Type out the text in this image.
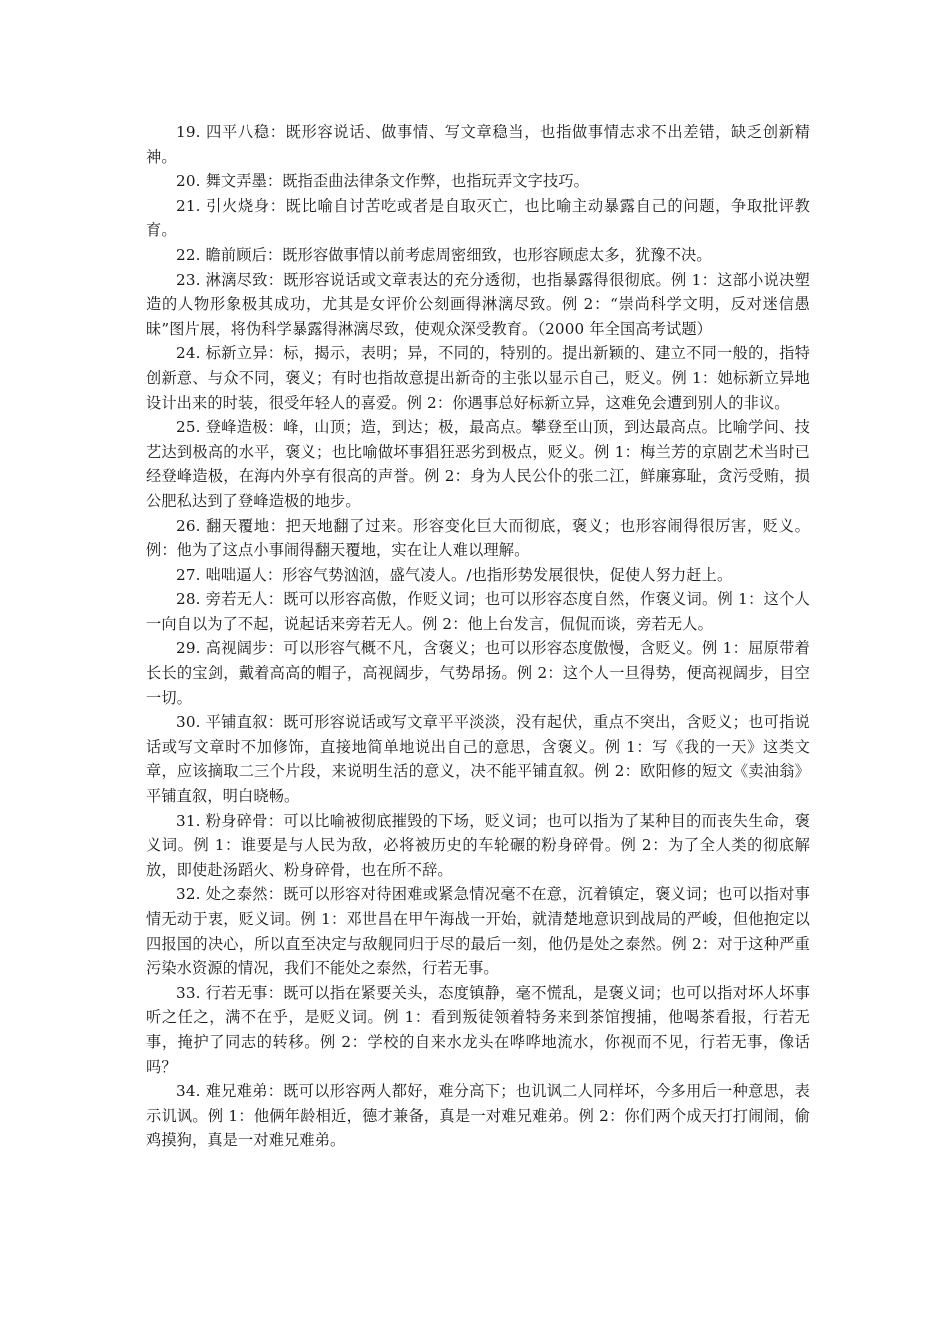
19. 四平八稳：既形容说话、做事情、写文章稳当，也指做事情志求不出差错，缺乏创新精神。

20. 舞文弄墨：既指歪曲法律条文作弊，也指玩弄文字技巧。

21. 引火烧身：既比喻自讨苦吃或者是自取灭亡，也比喻主动暴露自己的问题，争取批评教育。

22. 瞻前顾后：既形容做事情以前考虑周密细致，也形容顾虑太多，犹豫不决。

23. 淋漓尽致：既形容说话或文章表达的充分透彻，也指暴露得很彻底。例 1：这部小说决塑造的人物形象极其成功，尤其是女评价公刻画得淋漓尽致。例 2：“崇尚科学文明，反对迷信愚昧”图片展，将伪科学暴露得淋漓尽致，使观众深受教育。（2000 年全国高考试题）

24. 标新立异：标，揭示，表明；异，不同的，特别的。提出新颖的、建立不同一般的，指特创新意、与众不同，褒义；有时也指故意提出新奇的主张以显示自己，贬义。例 1：她标新立异地设计出来的时装，很受年轻人的喜爱。例 2：你遇事总好标新立异，这难免会遭到别人的非议。

25. 登峰造极：峰，山顶；造，到达；极，最高点。攀登至山顶，到达最高点。比喻学问、技艺达到极高的水平，褒义；也比喻做坏事猖狂恶劣到极点，贬义。例 1：梅兰芳的京剧艺术当时已经登峰造极，在海内外享有很高的声誉。例 2：身为人民公仆的张二江，鲜廉寡耻，贪污受贿，损公肥私达到了登峰造极的地步。

26. 翻天覆地：把天地翻了过来。形容变化巨大而彻底，褒义；也形容闹得很厉害，贬义。例：他为了这点小事闹得翻天覆地，实在让人难以理解。

27. 咄咄逼人：形容气势汹汹，盛气凌人。/也指形势发展很快，促使人努力赶上。

28. 旁若无人：既可以形容高傲，作贬义词；也可以形容态度自然，作褒义词。例 1：这个人一向自以为了不起，说起话来旁若无人。例 2：他上台发言，侃侃而谈，旁若无人。

29. 高视阔步：可以形容气概不凡，含褒义；也可以形容态度傲慢，含贬义。例 1：屈原带着长长的宝剑，戴着高高的帽子，高视阔步，气势昂扬。例 2：这个人一旦得势，便高视阔步，目空一切。

30. 平铺直叙：既可形容说话或写文章平平淡淡，没有起伏，重点不突出，含贬义；也可指说话或写文章时不加修饰，直接地简单地说出自己的意思，含褒义。例 1：写《我的一天》这类文章，应该摘取二三个片段，来说明生活的意义，决不能平铺直叙。例 2：欧阳修的短文《卖油翁》平铺直叙，明白晓畅。

31. 粉身碎骨：可以比喻被彻底摧毁的下场，贬义词；也可以指为了某种目的而丧失生命，褒义词。例 1：谁要是与人民为敌，必将被历史的车轮碾的粉身碎骨。例 2：为了全人类的彻底解放，即使赴汤蹈火、粉身碎骨，也在所不辞。

32. 处之泰然：既可以形容对待困难或紧急情况毫不在意，沉着镇定，褒义词；也可以指对事情无动于衷，贬义词。例 1：邓世昌在甲午海战一开始，就清楚地意识到战局的严峻，但他抱定以四报国的决心，所以直至决定与敌舰同归于尽的最后一刻，他仍是处之泰然。例 2：对于这种严重污染水资源的情况，我们不能处之泰然，行若无事。

33. 行若无事：既可以指在紧要关头，态度镇静，毫不慌乱，是褒义词；也可以指对坏人坏事听之任之，满不在乎，是贬义词。例 1：看到叛徒领着特务来到茶馆搜捕，他喝茶看报，行若无事，掩护了同志的转移。例 2：学校的自来水龙头在哗哗地流水，你视而不见，行若无事，像话吗？

34. 难兄难弟：既可以形容两人都好，难分高下；也讥讽二人同样坏，今多用后一种意思，表示讥讽。例 1：他俩年龄相近，德才兼备，真是一对难兄难弟。例 2：你们两个成天打打闹闹，偷鸡摸狗，真是一对难兄难弟。
